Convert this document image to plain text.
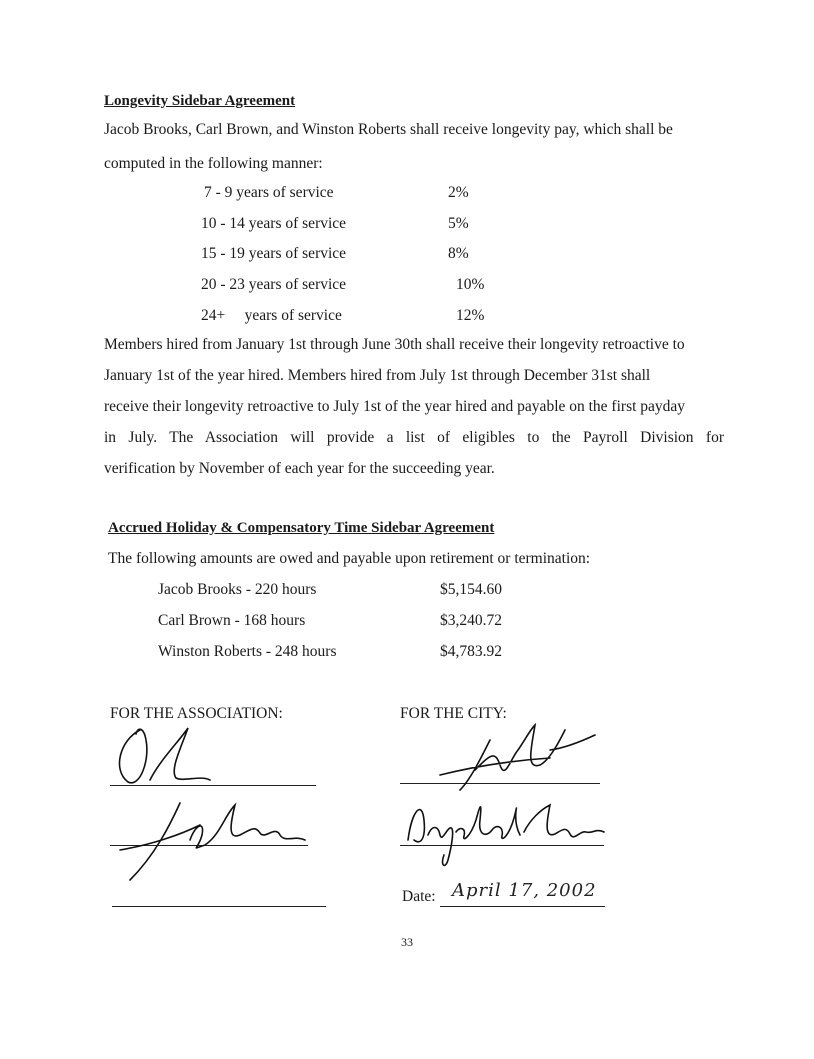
Longevity Sidebar Agreement
Jacob Brooks, Carl Brown, and Winston Roberts shall receive longevity pay, which shall be
computed in the following manner:
7 - 9 years of service	2%
10 - 14 years of service	5%
15 - 19 years of service	8%
20 - 23 years of service	10%
24+     years of service	12%
Members hired from January 1st through June 30th shall receive their longevity retroactive to
January 1st of the year hired. Members hired from July 1st through December 31st shall
receive their longevity retroactive to July 1st of the year hired and payable on the first payday
in July. The Association will provide a list of eligibles to the Payroll Division for
verification by November of each year for the succeeding year.
Accrued Holiday & Compensatory Time Sidebar Agreement
The following amounts are owed and payable upon retirement or termination:
Jacob Brooks - 220 hours	$5,154.60
Carl Brown - 168 hours	$3,240.72
Winston Roberts - 248 hours	$4,783.92
FOR THE ASSOCIATION:	FOR THE CITY:
Date: April 17, 2002
33
